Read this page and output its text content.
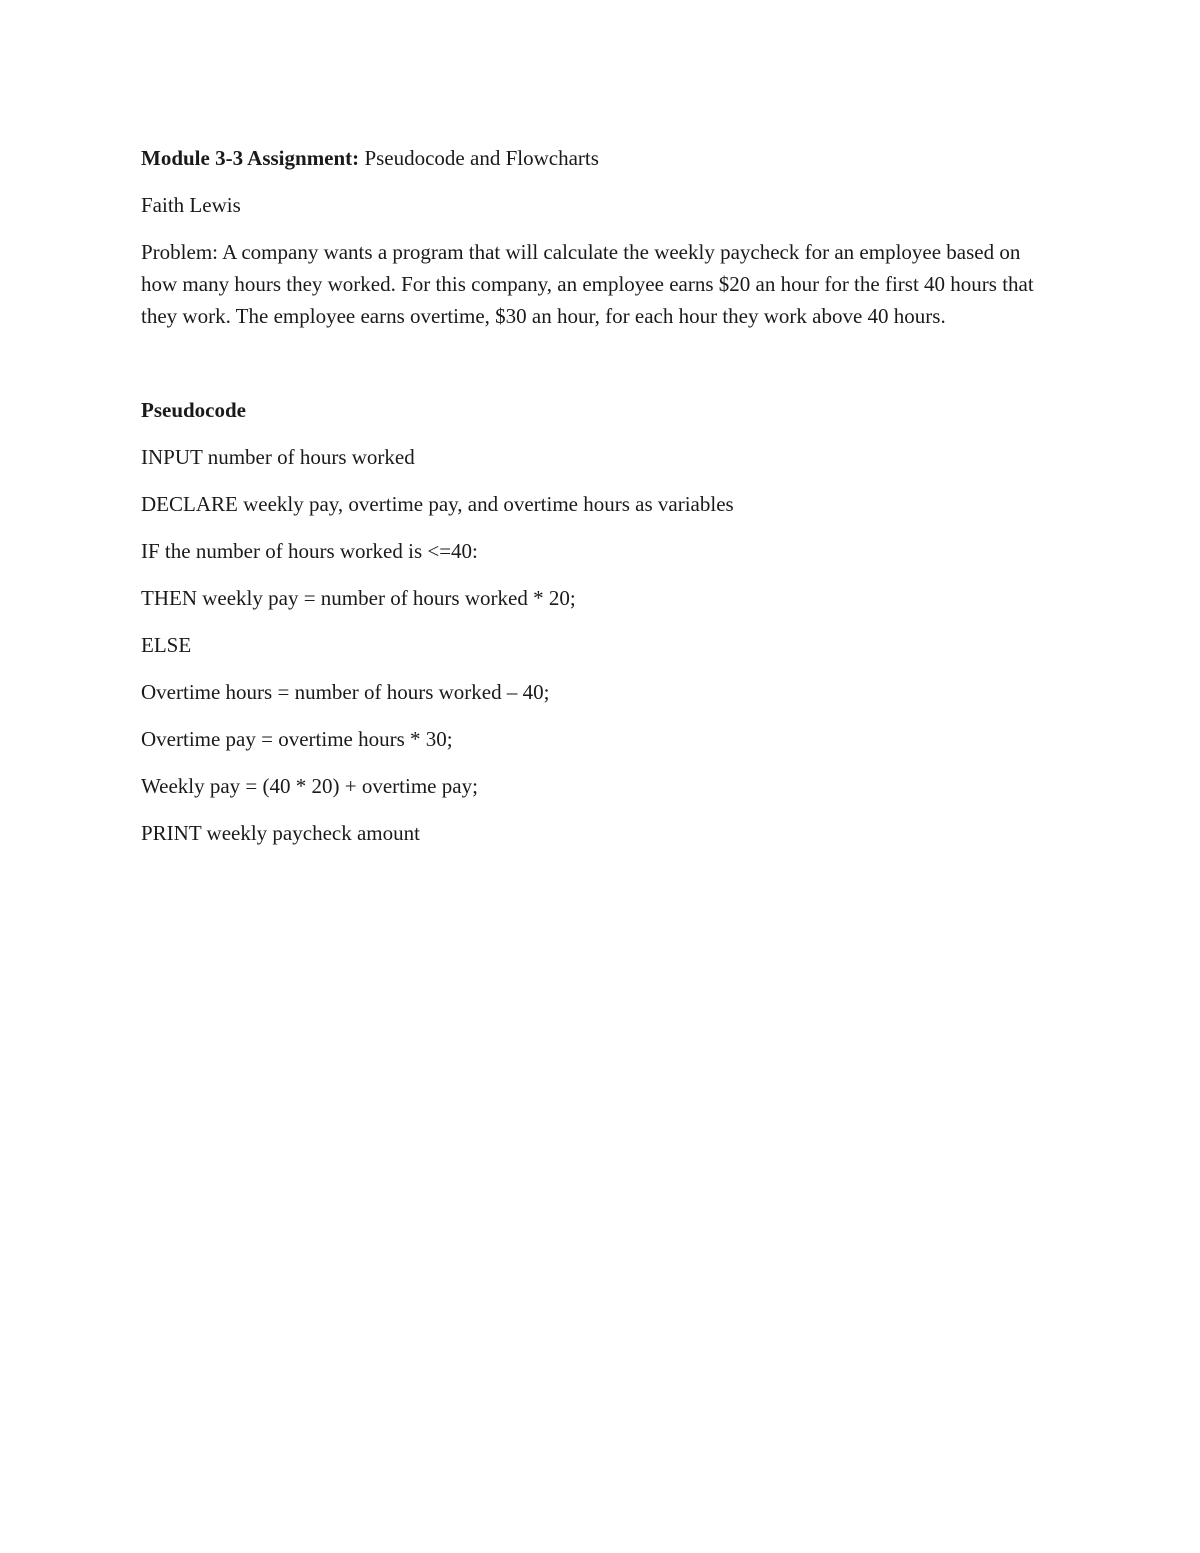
Module 3-3 Assignment: Pseudocode and Flowcharts

Faith Lewis

Problem: A company wants a program that will calculate the weekly paycheck for an employee based on how many hours they worked. For this company, an employee earns $20 an hour for the first 40 hours that they work. The employee earns overtime, $30 an hour, for each hour they work above 40 hours.

Pseudocode

INPUT number of hours worked

DECLARE weekly pay, overtime pay, and overtime hours as variables

IF the number of hours worked is <=40:

THEN weekly pay = number of hours worked * 20;

ELSE

Overtime hours = number of hours worked – 40;

Overtime pay = overtime hours * 30;

Weekly pay = (40 * 20) + overtime pay;

PRINT weekly paycheck amount
